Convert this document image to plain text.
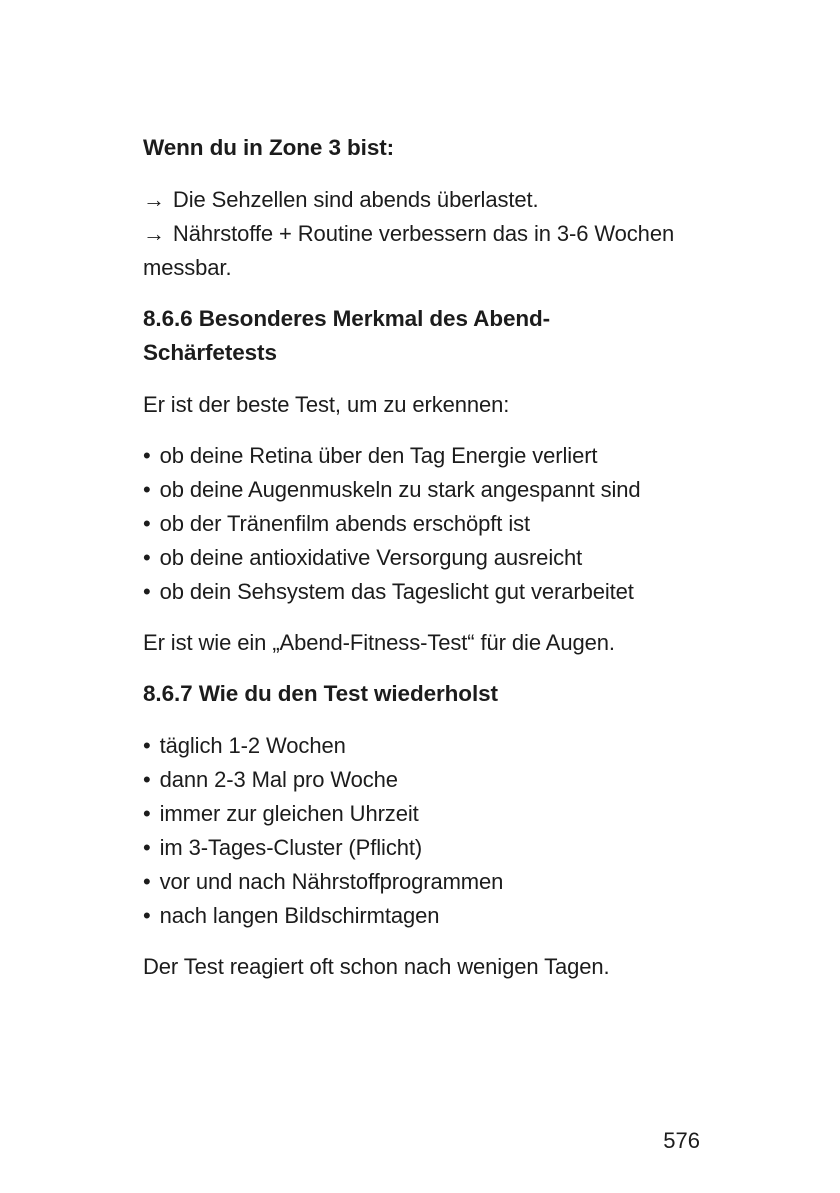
Wenn du in Zone 3 bist:
→ Die Sehzellen sind abends überlastet.
→ Nährstoffe + Routine verbessern das in 3-6 Wochen messbar.
8.6.6 Besonderes Merkmal des Abend-Schärfetests

Er ist der beste Test, um zu erkennen:

• ob deine Retina über den Tag Energie verliert
• ob deine Augenmuskeln zu stark angespannt sind
• ob der Tränenfilm abends erschöpft ist
• ob deine antioxidative Versorgung ausreicht
• ob dein Sehsystem das Tageslicht gut verarbeitet

Er ist wie ein „Abend-Fitness-Test“ für die Augen.

8.6.7 Wie du den Test wiederholst
• täglich 1-2 Wochen
• dann 2-3 Mal pro Woche
• immer zur gleichen Uhrzeit
• im 3-Tages-Cluster (Pflicht)
• vor und nach Nährstoffprogrammen
• nach langen Bildschirmtagen

Der Test reagiert oft schon nach wenigen Tagen.

576
